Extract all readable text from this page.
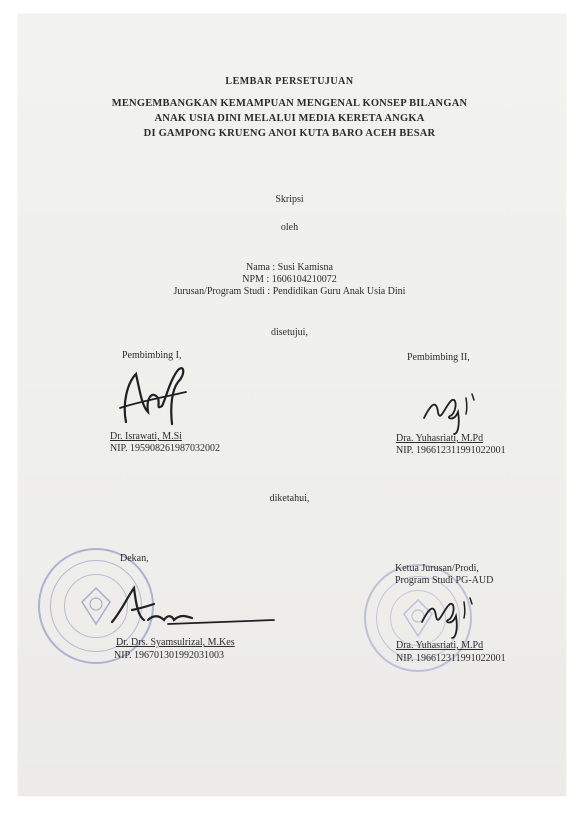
LEMBAR PERSETUJUAN
MENGEMBANGKAN KEMAMPUAN MENGENAL KONSEP BILANGAN
ANAK USIA DINI MELALUI MEDIA KERETA ANGKA
DI GAMPONG KRUENG ANOI KUTA BARO ACEH BESAR
Skripsi
oleh
Nama : Susi Kamisna
NPM : 1606104210072
Jurusan/Program Studi : Pendidikan Guru Anak Usia Dini
disetujui,
Pembimbing I,
Dr. Israwati, M.Si
NIP. 195908261987032002
Pembimbing II,
Dra. Yuhasriati, M.Pd
NIP. 196612311991022001
diketahui,
Dekan,
Dr. Drs. Syamsulrizal, M.Kes
NIP. 196701301992031003
Ketua Jurusan/Prodi,
Program Studi PG-AUD
Dra. Yuhasriati, M.Pd
NIP. 196612311991022001
